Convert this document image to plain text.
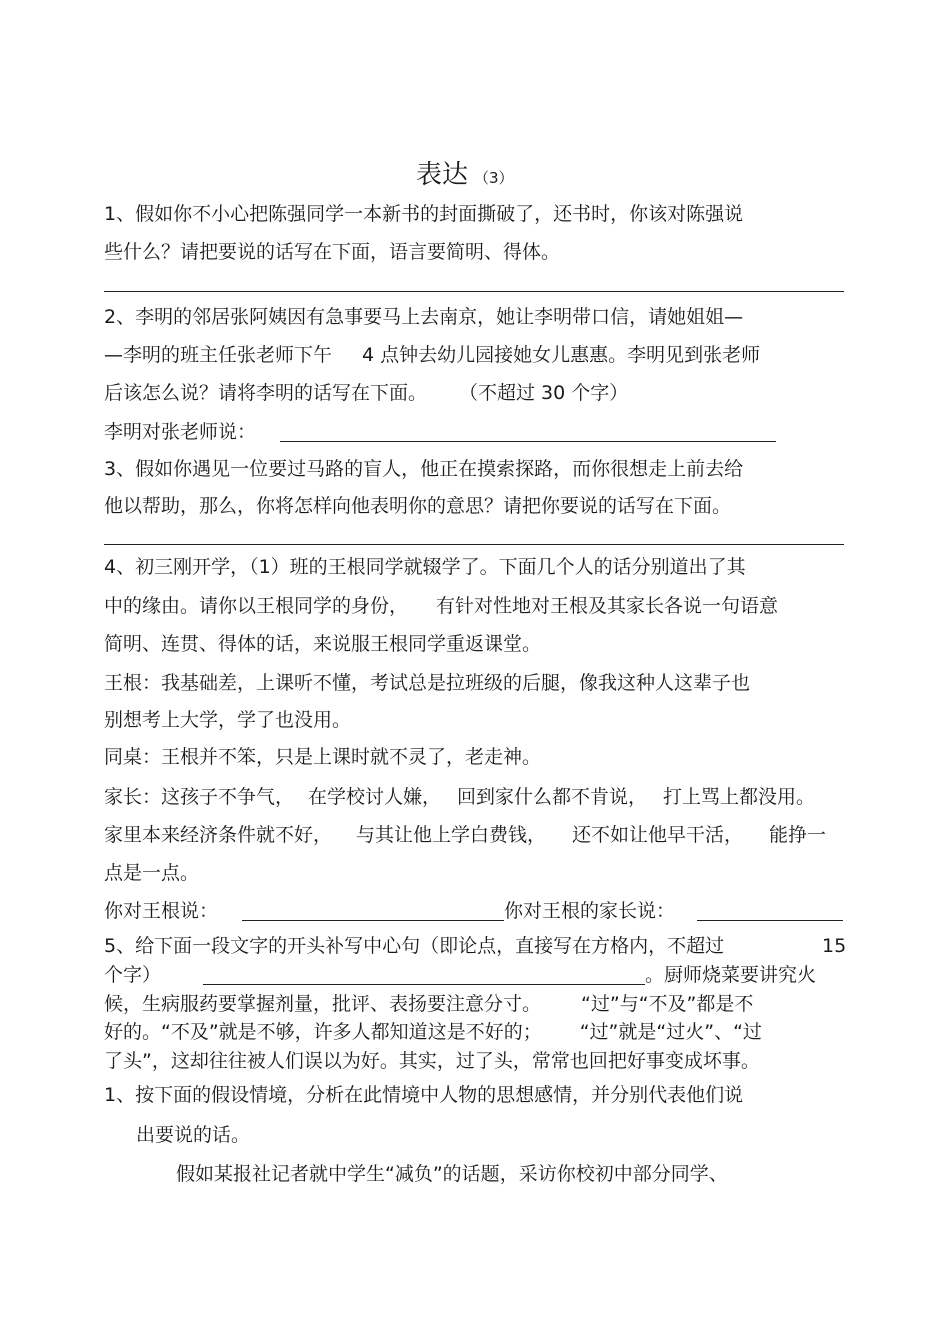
表达 （3）
1、假如你不小心把陈强同学一本新书的封面撕破了，还书时，你该对陈强说
些什么？请把要说的话写在下面，语言要简明、得体。
2、李明的邻居张阿姨因有急事要马上去南京，她让李明带口信，请她姐姐—
—李明的班主任张老师下午 4 点钟去幼儿园接她女儿惠惠。李明见到张老师
后该怎么说？请将李明的话写在下面。 （不超过 30 个字）
李明对张老师说：
3、假如你遇见一位要过马路的盲人，他正在摸索探路，而你很想走上前去给
他以帮助，那么，你将怎样向他表明你的意思？请把你要说的话写在下面。
4、初三刚开学，（1）班的王根同学就辍学了。下面几个人的话分别道出了其
中的缘由。请你以王根同学的身份， 有针对性地对王根及其家长各说一句语意
简明、连贯、得体的话，来说服王根同学重返课堂。
王根：我基础差，上课听不懂，考试总是拉班级的后腿，像我这种人这辈子也
别想考上大学，学了也没用。
同桌：王根并不笨，只是上课时就不灵了，老走神。
家长：这孩子不争气， 在学校讨人嫌， 回到家什么都不肯说， 打上骂上都没用。
家里本来经济条件就不好， 与其让他上学白费钱， 还不如让他早干活， 能挣一
点是一点。
你对王根说：	你对王根的家长说：
5、给下面一段文字的开头补写中心句（即论点，直接写在方格内，不超过	15
个字）	。厨师烧菜要讲究火
候，生病服药要掌握剂量，批评、表扬要注意分寸。 “过”与“不及”都是不
好的。“不及”就是不够，许多人都知道这是不好的； “过”就是“过火”、“过
了头”，这却往往被人们误以为好。其实，过了头，常常也回把好事变成坏事。
1、按下面的假设情境，分析在此情境中人物的思想感情，并分别代表他们说
出要说的话。
假如某报社记者就中学生“减负”的话题，采访你校初中部分同学、
